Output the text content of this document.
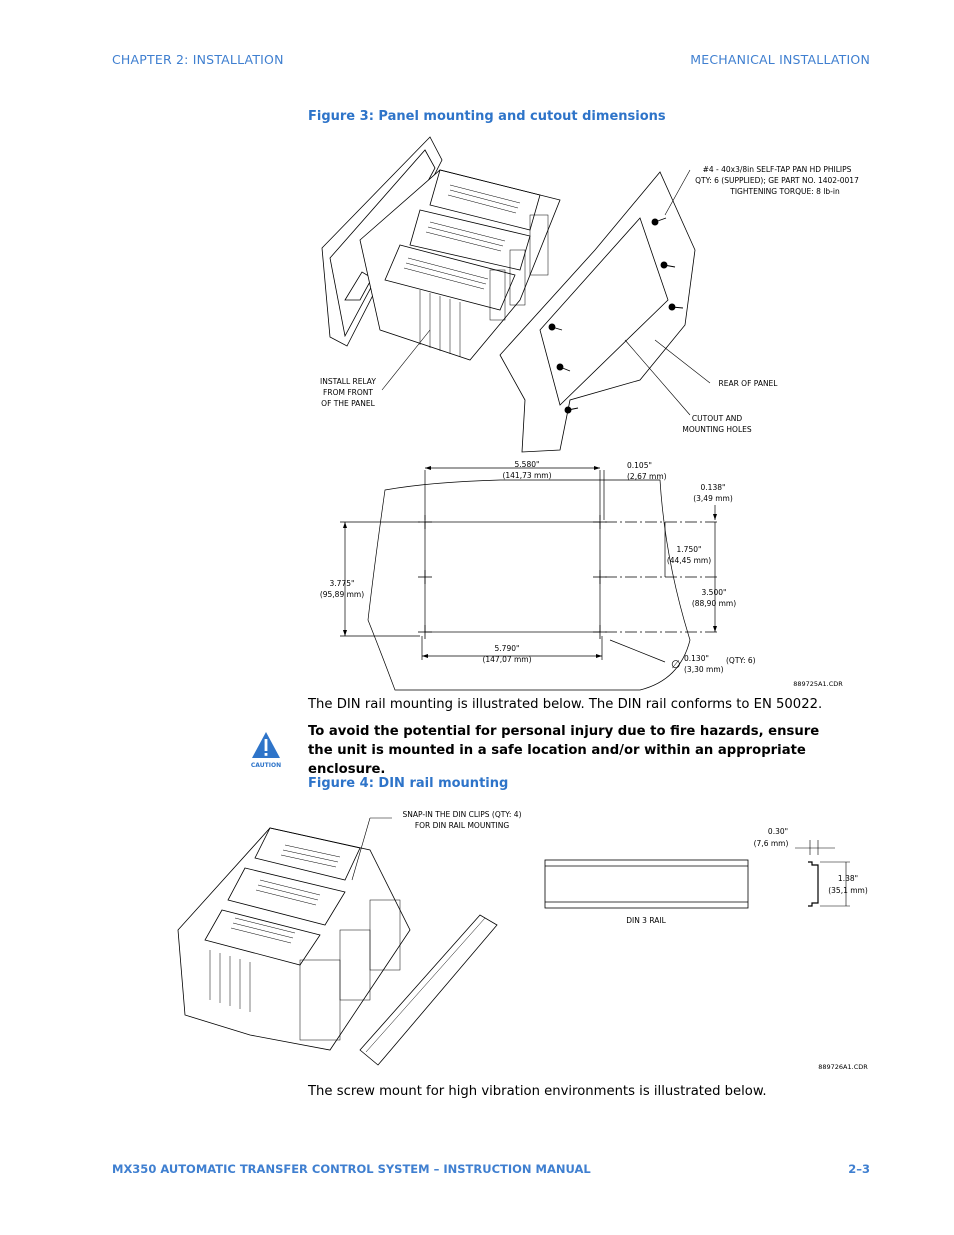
CHAPTER 2: INSTALLATION	MECHANICAL INSTALLATION
Figure 3: Panel mounting and cutout dimensions
#4 - 40x3/8in SELF-TAP PAN HD PHILIPS
QTY: 6 (SUPPLIED); GE PART NO. 1402-0017
TIGHTENING TORQUE: 8 lb-in
INSTALL RELAY
FROM FRONT
OF THE PANEL
REAR OF PANEL
CUTOUT AND
MOUNTING HOLES
5.580"
(141,73 mm)
0.105"
(2,67 mm)
0.138"
(3,49 mm)
3.775"
(95,89 mm)
1.750"
(44,45 mm)
3.500"
(88,90 mm)
5.790"
(147,07 mm)	∅ 0.130"
(3,30 mm)
(QTY: 6)
889725A1.CDR
The DIN rail mounting is illustrated below. The DIN rail conforms to EN 50022.
CAUTION
To avoid the potential for personal injury due to fire hazards, ensure the unit is mounted in a safe location and/or within an appropriate enclosure.
Figure 4: DIN rail mounting
SNAP-IN THE DIN CLIPS (QTY: 4)
FOR DIN RAIL MOUNTING
DIN 3 RAIL
0.30"
(7,6 mm)
1.38"
(35,1 mm)
889726A1.CDR
The screw mount for high vibration environments is illustrated below.
MX350 AUTOMATIC TRANSFER CONTROL SYSTEM – INSTRUCTION MANUAL	2–3
